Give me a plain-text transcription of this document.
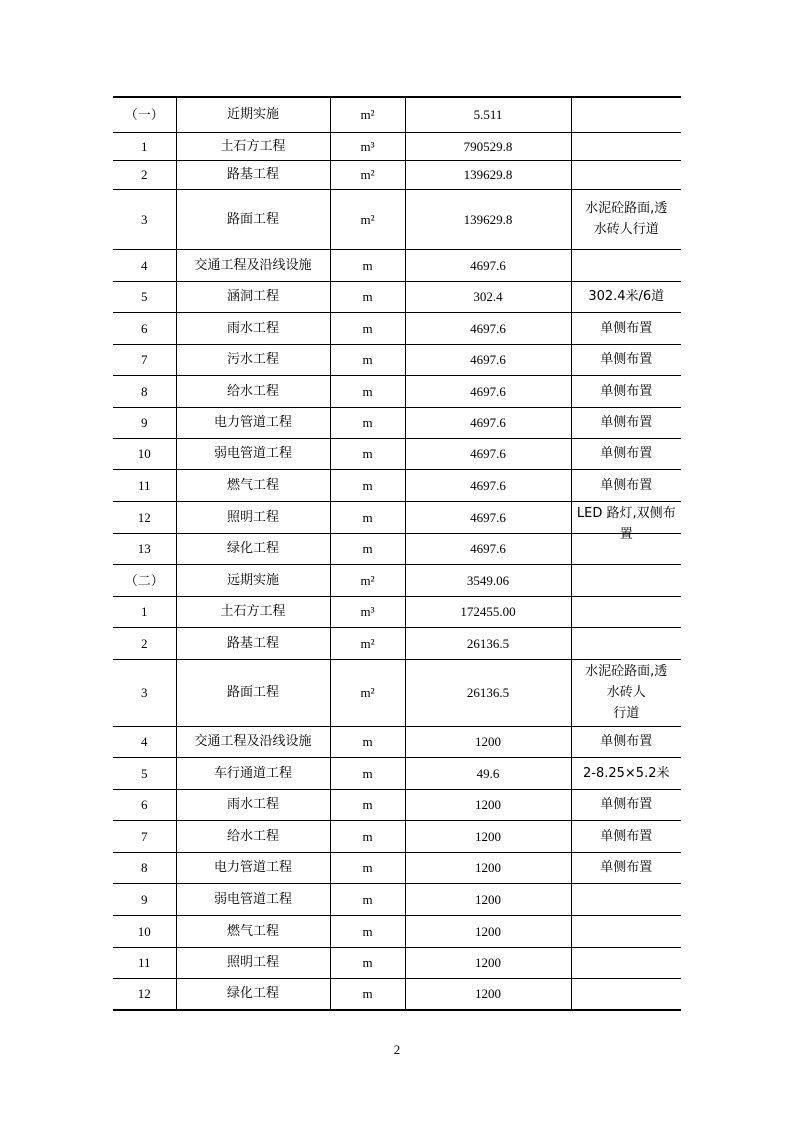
（一）	近期实施	m²	5.511	
1	土石方工程	m³	790529.8	
2	路基工程	m²	139629.8	
3	路面工程	m²	139629.8	水泥砼路面,透
水砖人行道
4	交通工程及沿线设施	m	4697.6	
5	涵洞工程	m	302.4	302.4米/6道
6	雨水工程	m	4697.6	单侧布置
7	污水工程	m	4697.6	单侧布置
8	给水工程	m	4697.6	单侧布置
9	电力管道工程	m	4697.6	单侧布置
10	弱电管道工程	m	4697.6	单侧布置
11	燃气工程	m	4697.6	单侧布置
12	照明工程	m	4697.6	LED 路灯,双侧布置

13	绿化工程	m	4697.6	
（二）	远期实施	m²	3549.06	
1	土石方工程	m³	172455.00	
2	路基工程	m²	26136.5	
3	路面工程	m²	26136.5	水泥砼路面,透
水砖人
行道
4	交通工程及沿线设施	m	1200	单侧布置
5	车行通道工程	m	49.6	2-8.25×5.2米
6	雨水工程	m	1200	单侧布置
7	给水工程	m	1200	单侧布置
8	电力管道工程	m	1200	单侧布置
9	弱电管道工程	m	1200	
10	燃气工程	m	1200	
11	照明工程	m	1200	
12	绿化工程	m	1200	
2
